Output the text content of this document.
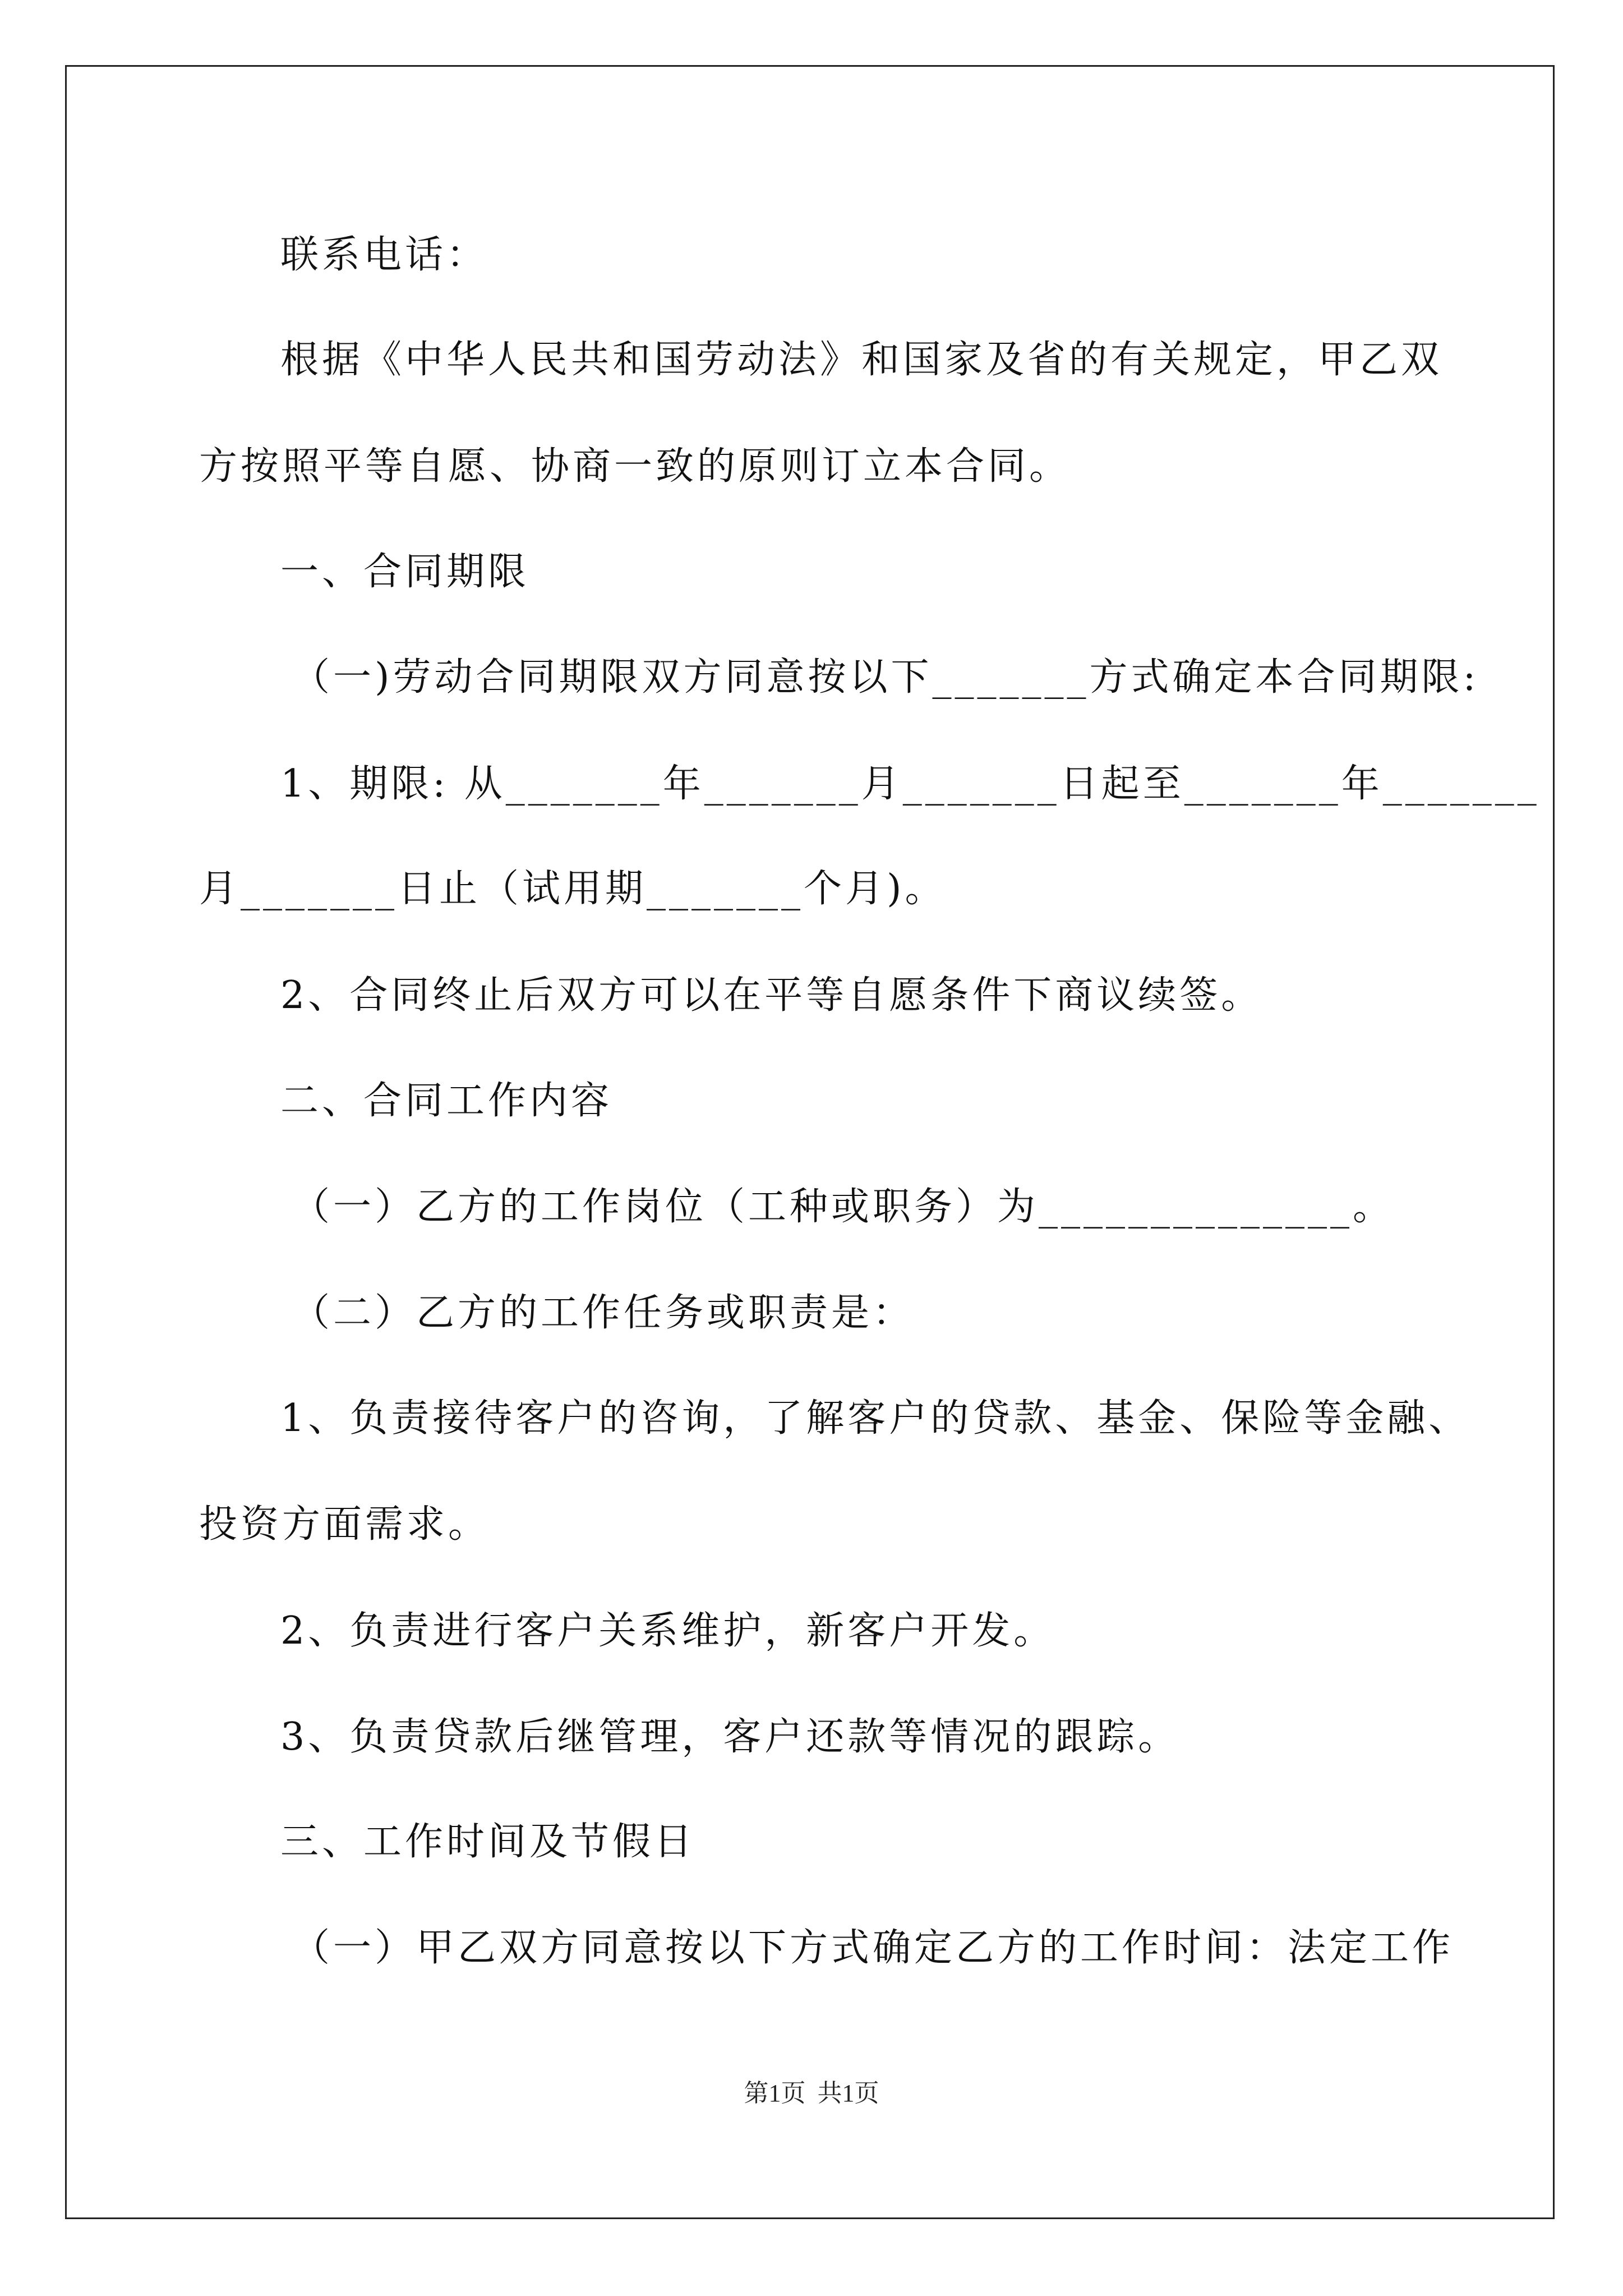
联系电话：
根据《中华人民共和国劳动法》和国家及省的有关规定，甲乙双
方按照平等自愿、协商一致的原则订立本合同。
一、合同期限
（一)劳动合同期限双方同意按以下_______方式确定本合同期限:
1、期限: 从_______年_______月_______日起至_______年_______
月_______日止（试用期_______个月)。
2、合同终止后双方可以在平等自愿条件下商议续签。
二、合同工作内容
（一）乙方的工作岗位（工种或职务）为______________。
（二）乙方的工作任务或职责是：
1、负责接待客户的咨询，了解客户的贷款、基金、保险等金融、
投资方面需求。
2、负责进行客户关系维护，新客户开发。
3、负责贷款后继管理，客户还款等情况的跟踪。
三、工作时间及节假日
（一）甲乙双方同意按以下方式确定乙方的工作时间：法定工作
第1页 共1页
